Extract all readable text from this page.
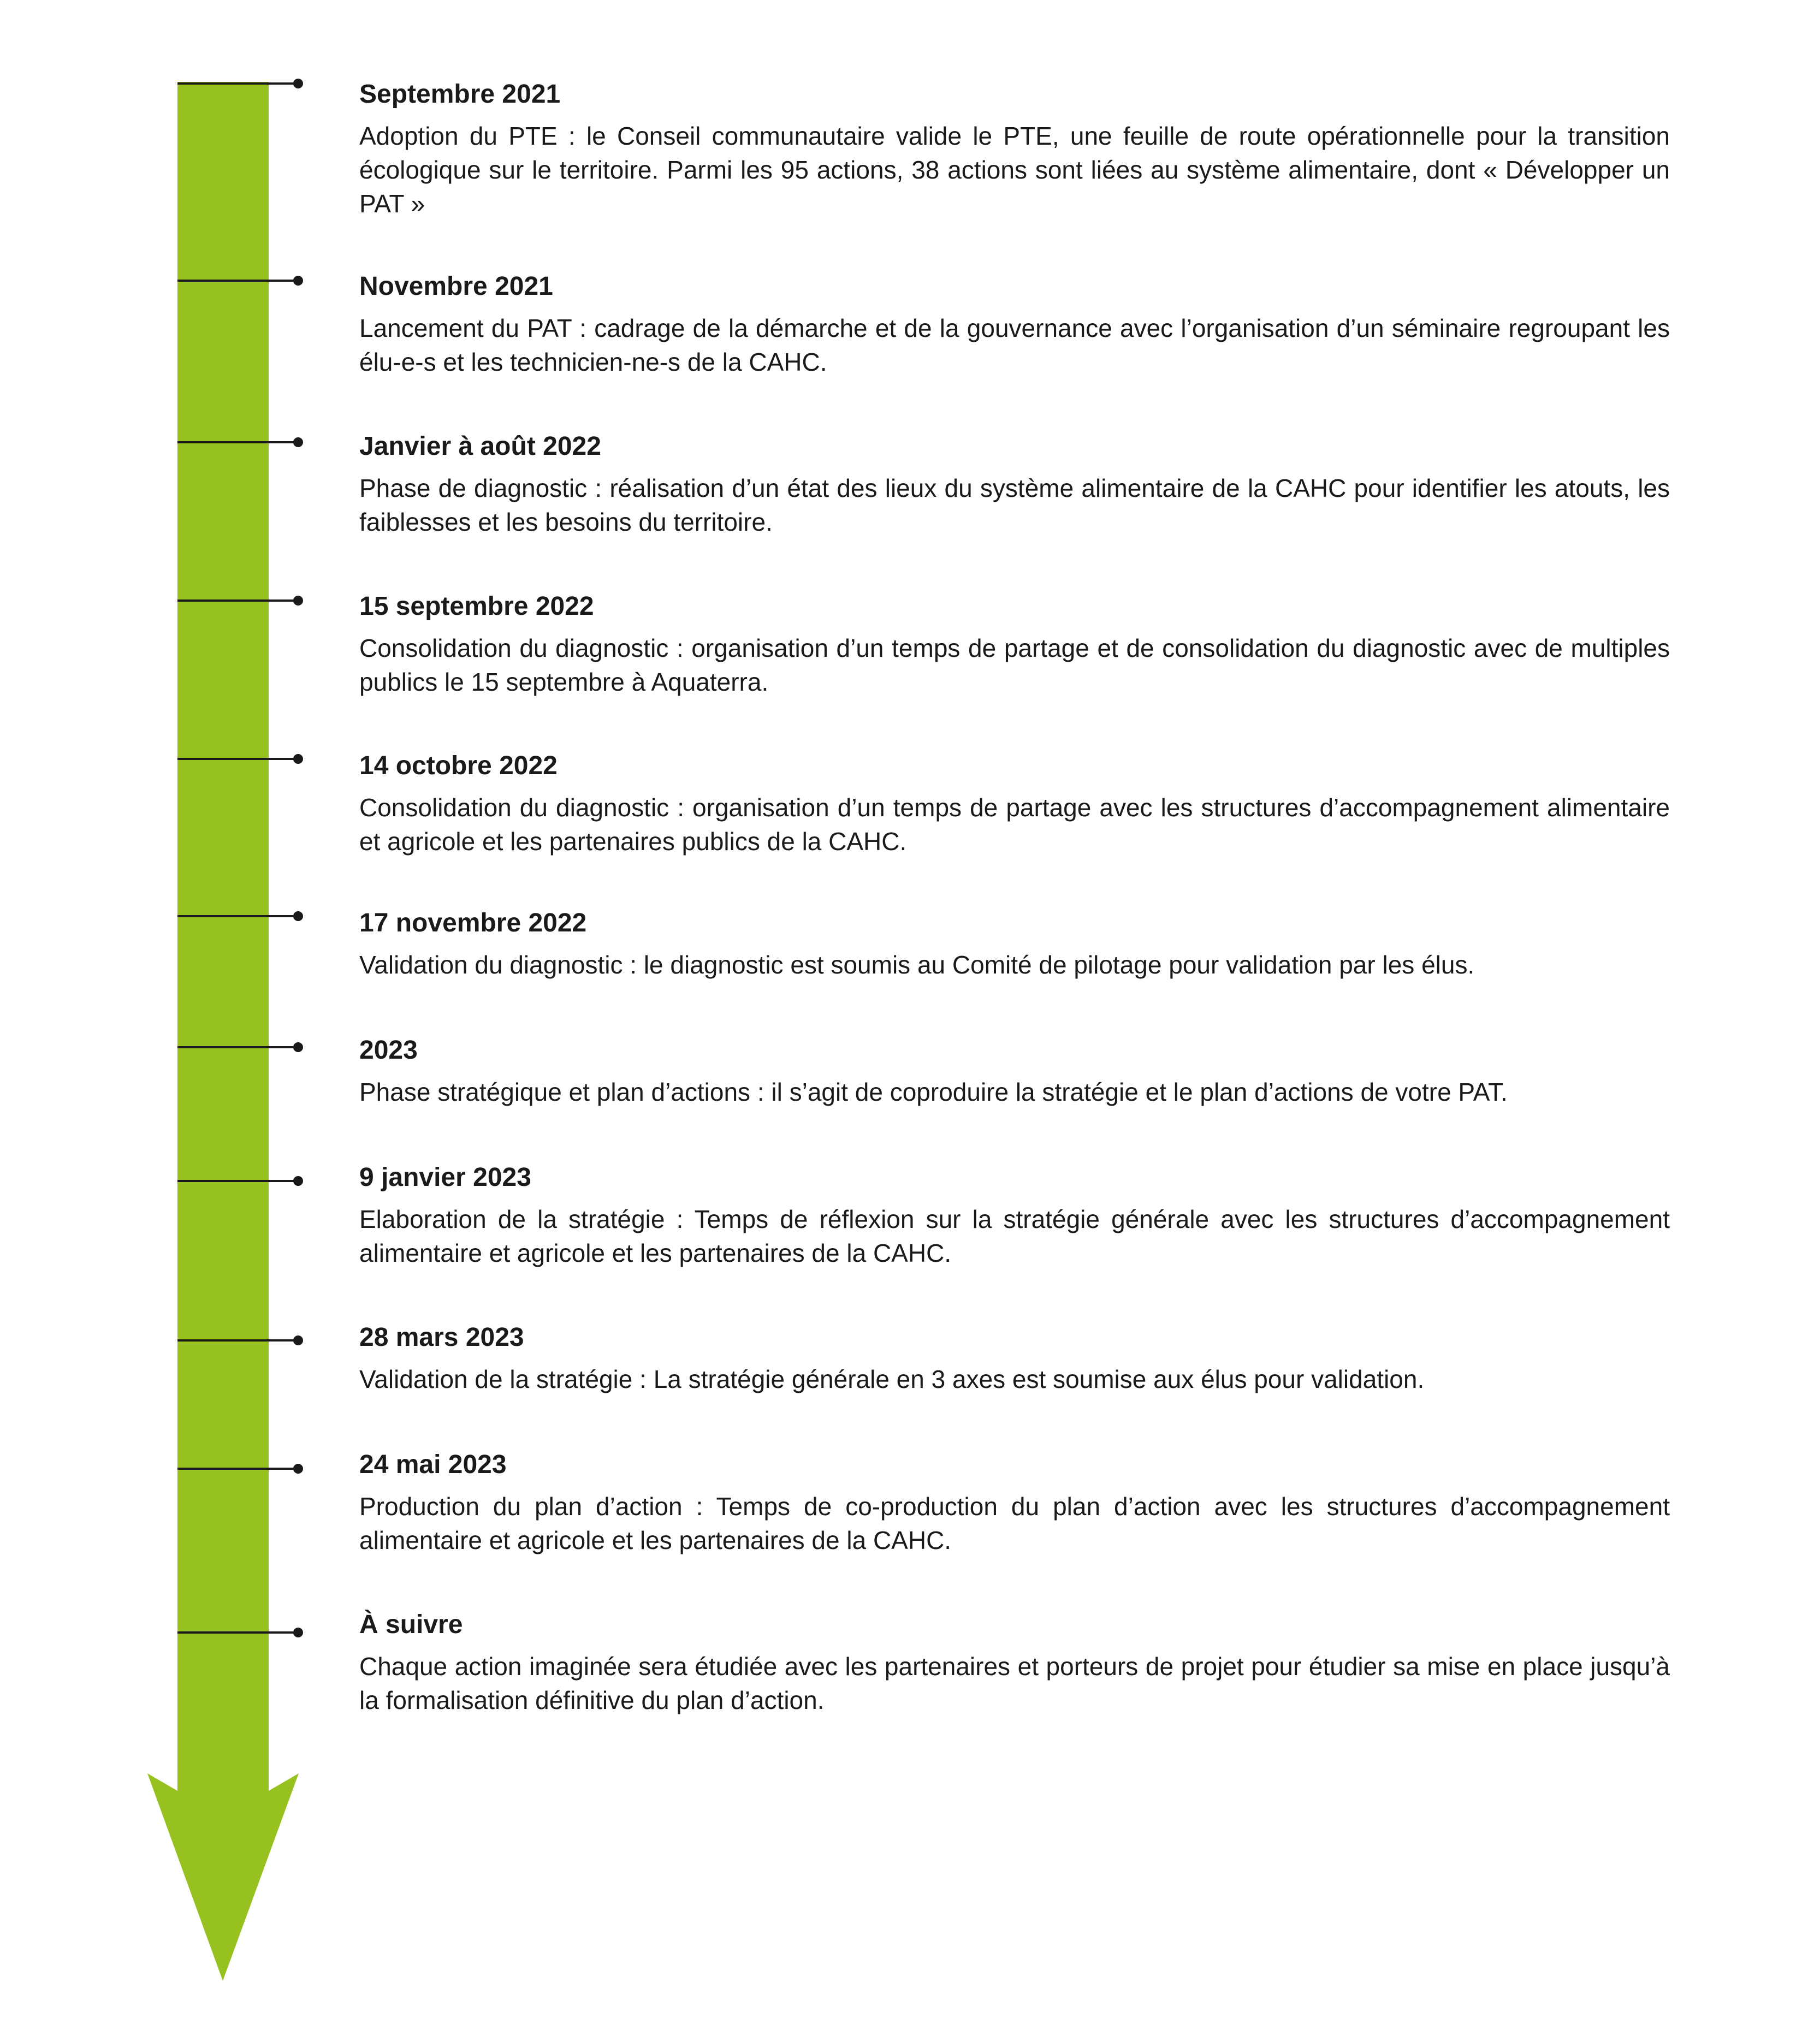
Septembre 2021

Adoption du PTE : le Conseil communautaire valide le PTE, une feuille de route opérationnelle pour la transition écologique sur le territoire. Parmi les 95 actions, 38 actions sont liées au système alimentaire, dont « Développer un PAT »

Novembre 2021

Lancement du PAT : cadrage de la démarche et de la gouvernance avec l’organisation d’un séminaire regroupant les élu-e-s et les technicien-ne-s de la CAHC.

Janvier à août 2022

Phase de diagnostic : réalisation d’un état des lieux du système alimentaire de la CAHC pour identifier les atouts, les faiblesses et les besoins du territoire.

15 septembre 2022

Consolidation du diagnostic : organisation d’un temps de partage et de consolidation du diagnostic avec de multiples publics le 15 septembre à Aquaterra.

14 octobre 2022

Consolidation du diagnostic : organisation d’un temps de partage avec les structures d’accompagnement alimentaire et agricole et les partenaires publics de la CAHC.

17 novembre 2022

Validation du diagnostic : le diagnostic est soumis au Comité de pilotage pour validation par les élus.

2023

Phase stratégique et plan d’actions : il s’agit de coproduire la stratégie et le plan d’actions de votre PAT.

9 janvier 2023

Elaboration de la stratégie : Temps de réflexion sur la stratégie générale avec les structures d’accompagnement alimentaire et agricole et les partenaires de la CAHC.

28 mars 2023

Validation de la stratégie : La stratégie générale en 3 axes est soumise aux élus pour validation.

24 mai 2023

Production du plan d’action : Temps de co-production du plan d’action avec les structures d’accompagnement alimentaire et agricole et les partenaires de la CAHC.

À suivre

Chaque action imaginée sera étudiée avec les partenaires et porteurs de projet pour étudier sa mise en place jusqu’à la formalisation définitive du plan d’action.
